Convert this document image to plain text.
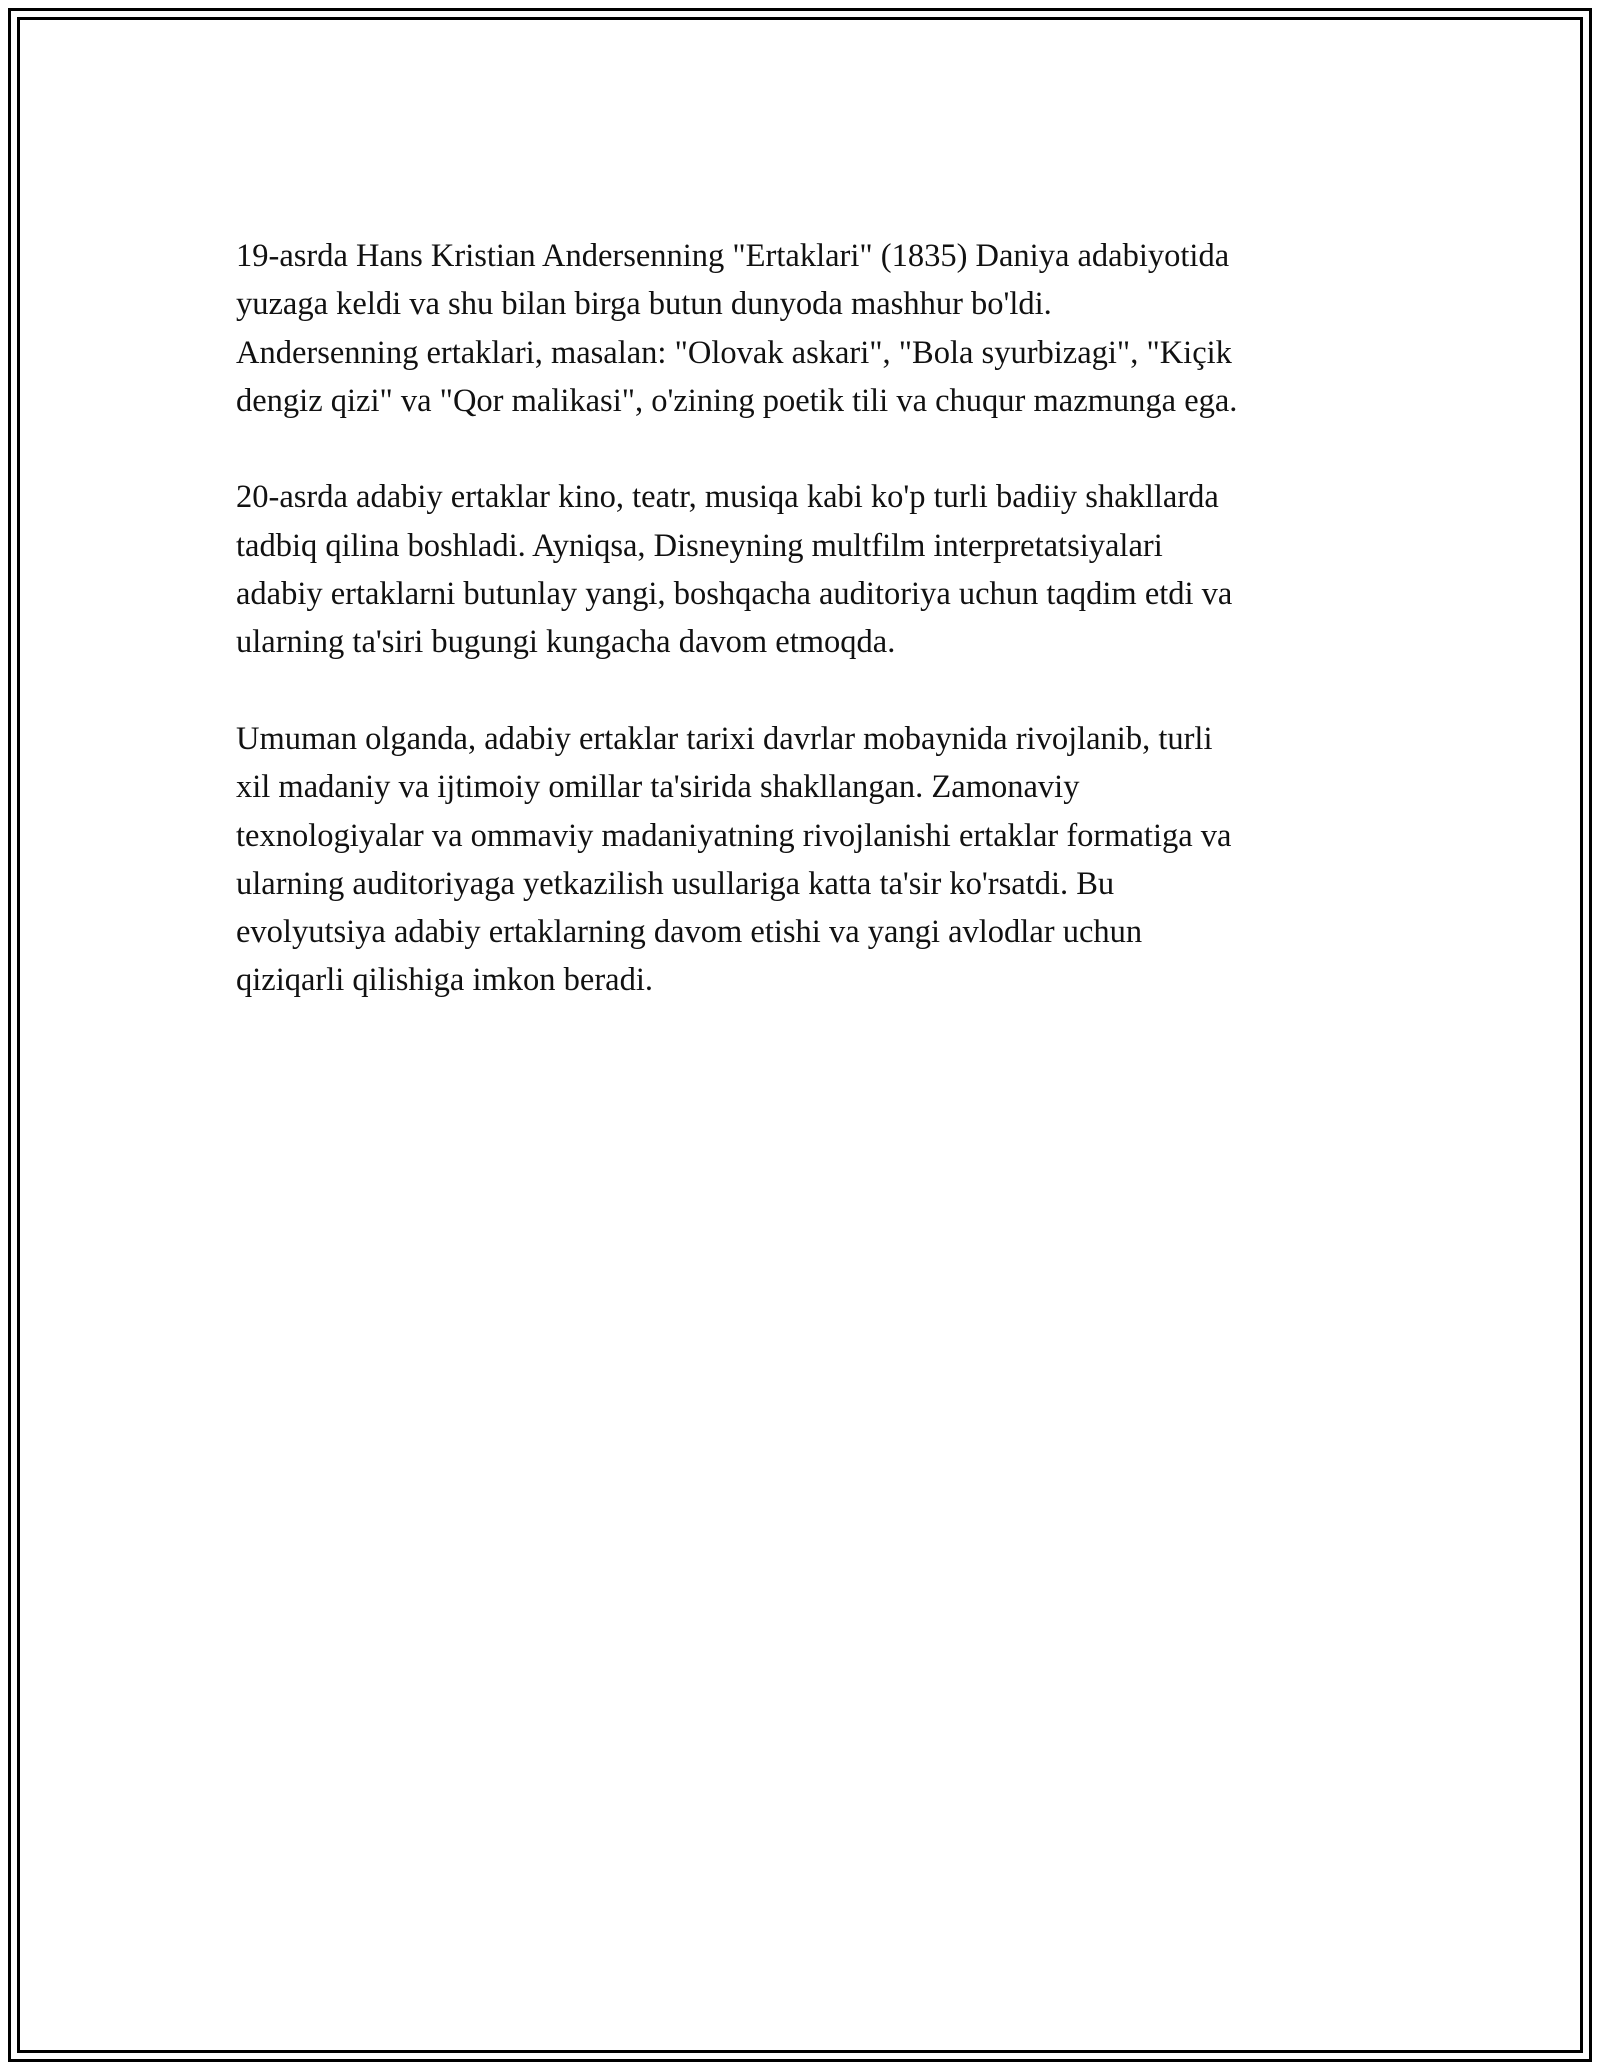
19-asrda Hans Kristian Andersenning "Ertaklari" (1835) Daniya adabiyotida
yuzaga keldi va shu bilan birga butun dunyoda mashhur bo'ldi.
Andersenning ertaklari, masalan: "Olovak askari", "Bola syurbizagi", "Kiçik
dengiz qizi" va "Qor malikasi", o'zining poetik tili va chuqur mazmunga ega.

20-asrda adabiy ertaklar kino, teatr, musiqa kabi ko'p turli badiiy shakllarda
tadbiq qilina boshladi. Ayniqsa, Disneyning multfilm interpretatsiyalari
adabiy ertaklarni butunlay yangi, boshqacha auditoriya uchun taqdim etdi va
ularning ta'siri bugungi kungacha davom etmoqda.

Umuman olganda, adabiy ertaklar tarixi davrlar mobaynida rivojlanib, turli
xil madaniy va ijtimoiy omillar ta'sirida shakllangan. Zamonaviy
texnologiyalar va ommaviy madaniyatning rivojlanishi ertaklar formatiga va
ularning auditoriyaga yetkazilish usullariga katta ta'sir ko'rsatdi. Bu
evolyutsiya adabiy ertaklarning davom etishi va yangi avlodlar uchun
qiziqarli qilishiga imkon beradi.
